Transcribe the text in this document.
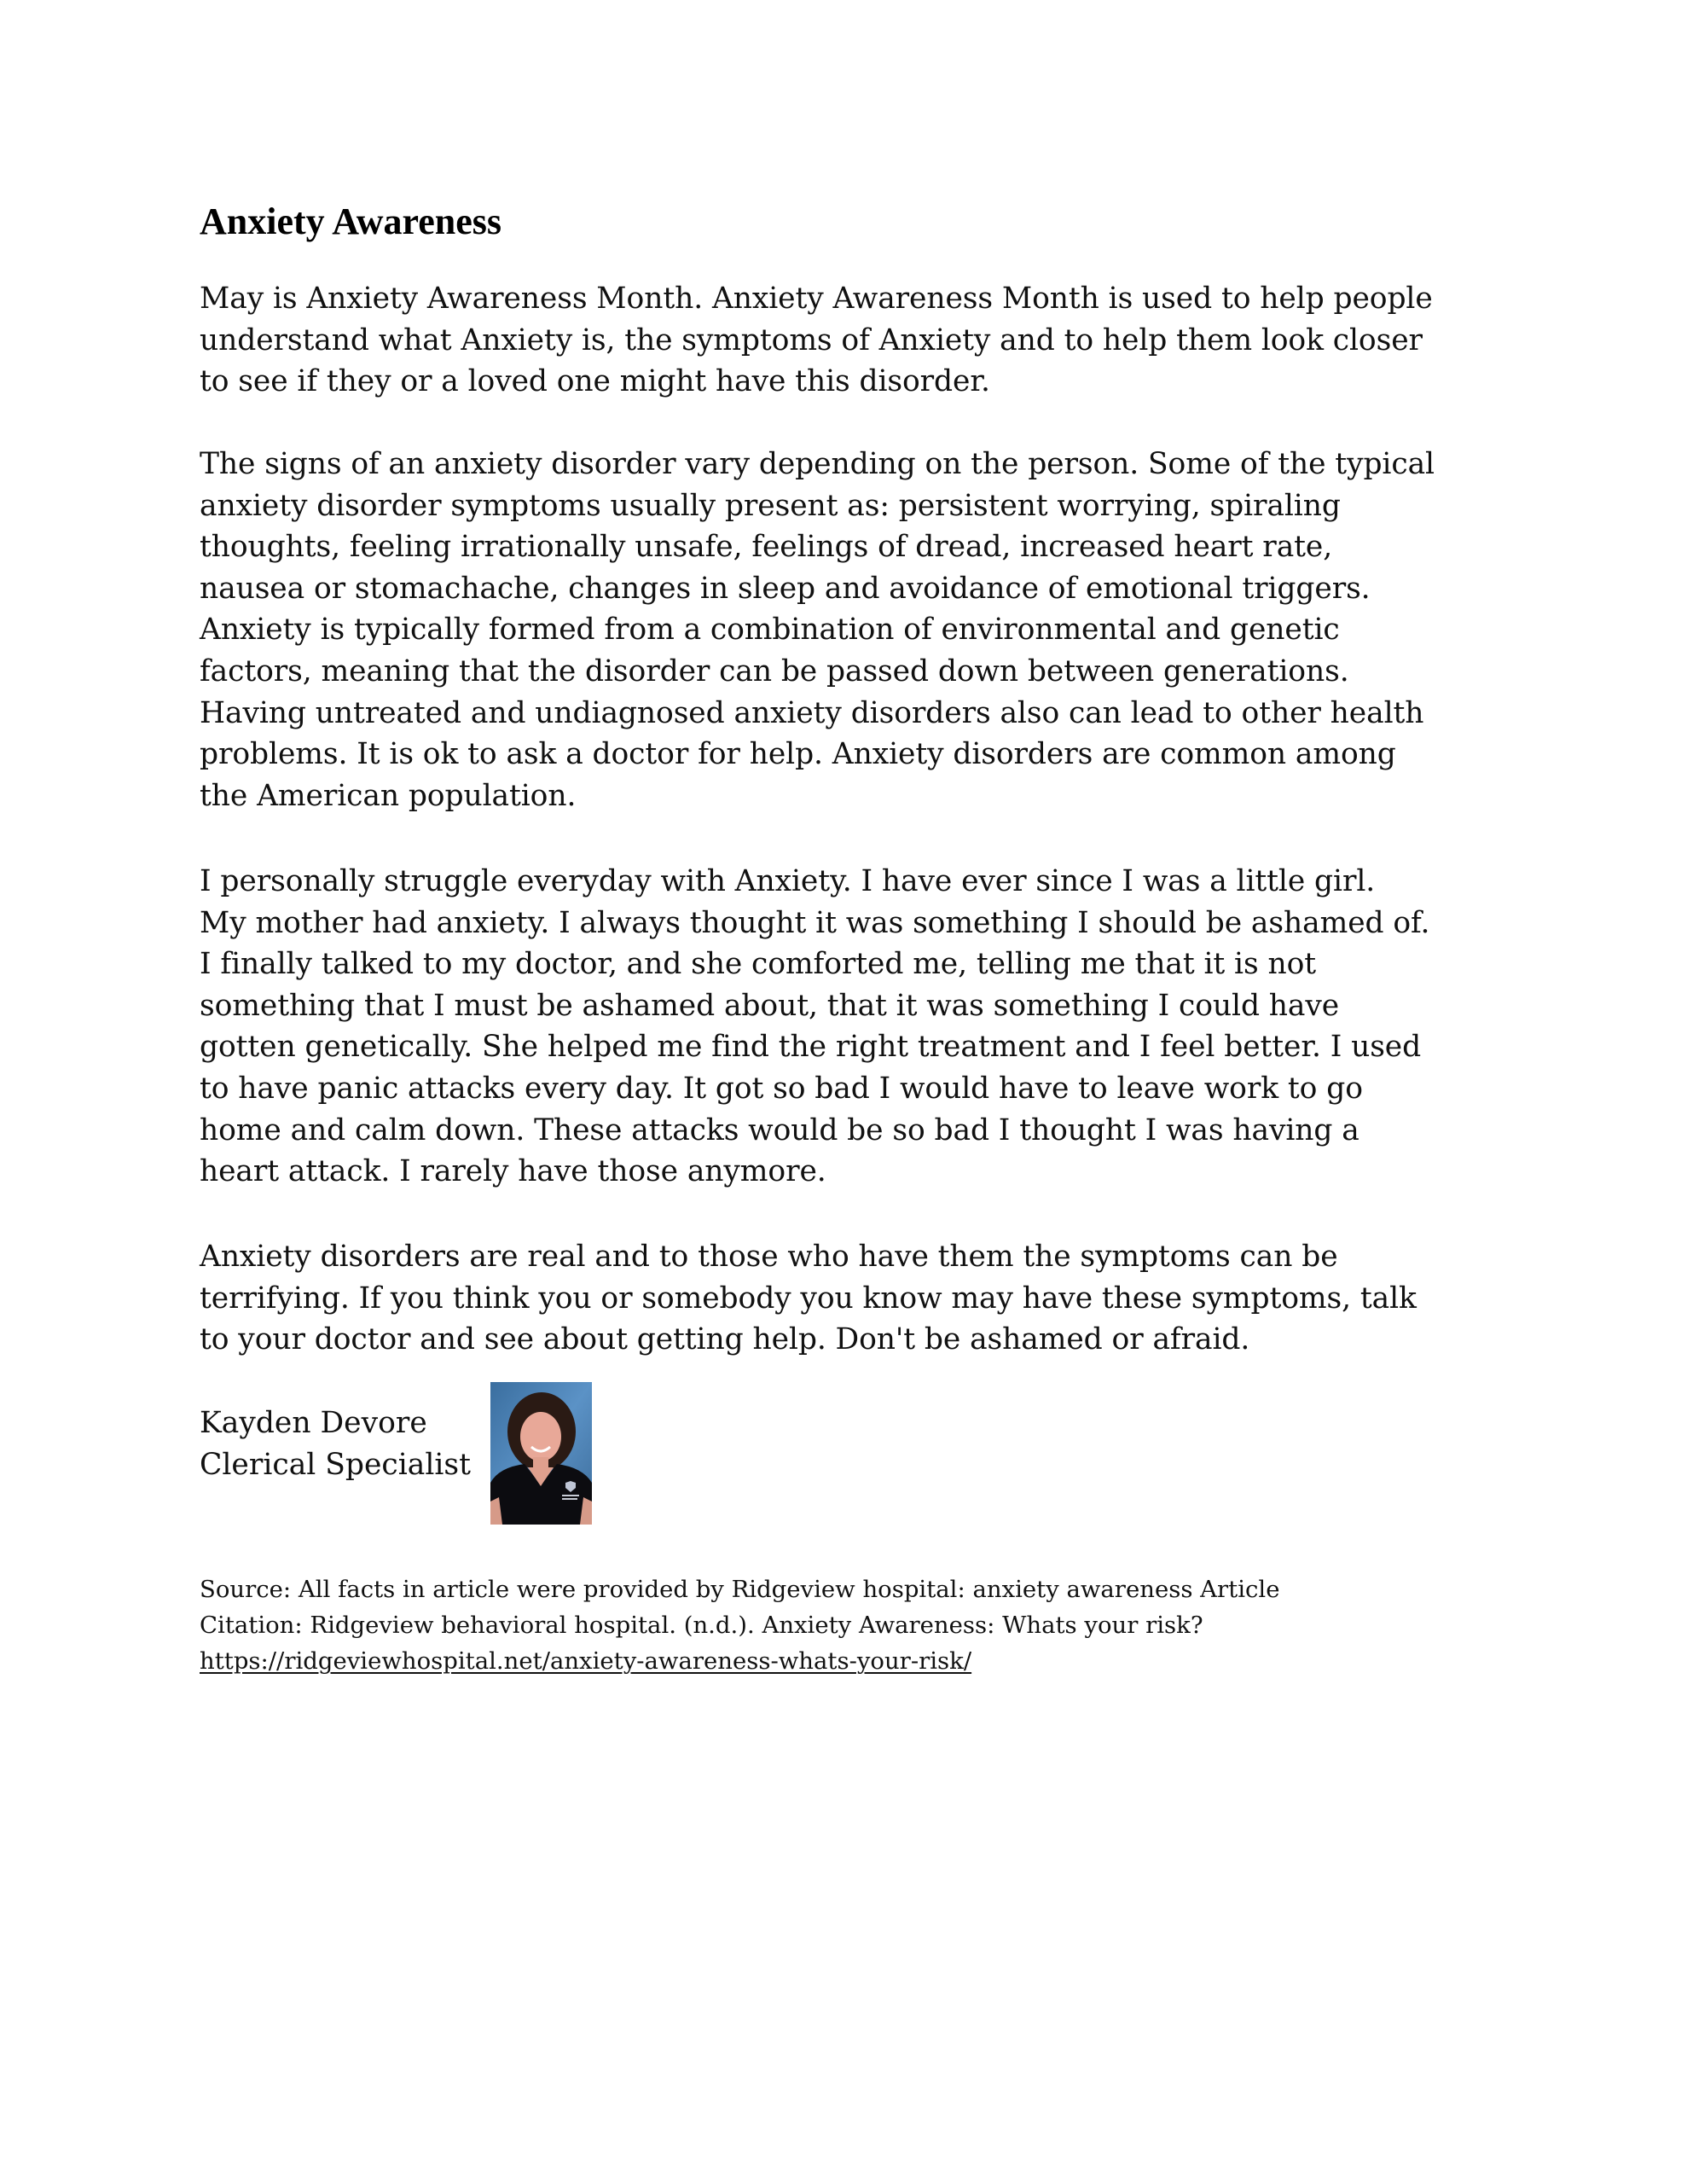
Anxiety Awareness
May is Anxiety Awareness Month. Anxiety Awareness Month is used to help people
understand what Anxiety is, the symptoms of Anxiety and to help them look closer
to see if they or a loved one might have this disorder.
The signs of an anxiety disorder vary depending on the person. Some of the typical
anxiety disorder symptoms usually present as: persistent worrying, spiraling
thoughts, feeling irrationally unsafe, feelings of dread, increased heart rate,
nausea or stomachache, changes in sleep and avoidance of emotional triggers.
Anxiety is typically formed from a combination of environmental and genetic
factors, meaning that the disorder can be passed down between generations.
Having untreated and undiagnosed anxiety disorders also can lead to other health
problems. It is ok to ask a doctor for help. Anxiety disorders are common among
the American population.
I personally struggle everyday with Anxiety. I have ever since I was a little girl.
My mother had anxiety. I always thought it was something I should be ashamed of.
I finally talked to my doctor, and she comforted me, telling me that it is not
something that I must be ashamed about, that it was something I could have
gotten genetically. She helped me find the right treatment and I feel better. I used
to have panic attacks every day. It got so bad I would have to leave work to go
home and calm down. These attacks would be so bad I thought I was having a
heart attack. I rarely have those anymore.
Anxiety disorders are real and to those who have them the symptoms can be
terrifying. If you think you or somebody you know may have these symptoms, talk
to your doctor and see about getting help. Don't be ashamed or afraid.
Kayden Devore
Clerical Specialist
Source: All facts in article were provided by Ridgeview hospital: anxiety awareness Article
Citation: Ridgeview behavioral hospital. (n.d.). Anxiety Awareness: Whats your risk?
https://ridgeviewhospital.net/anxiety-awareness-whats-your-risk/
